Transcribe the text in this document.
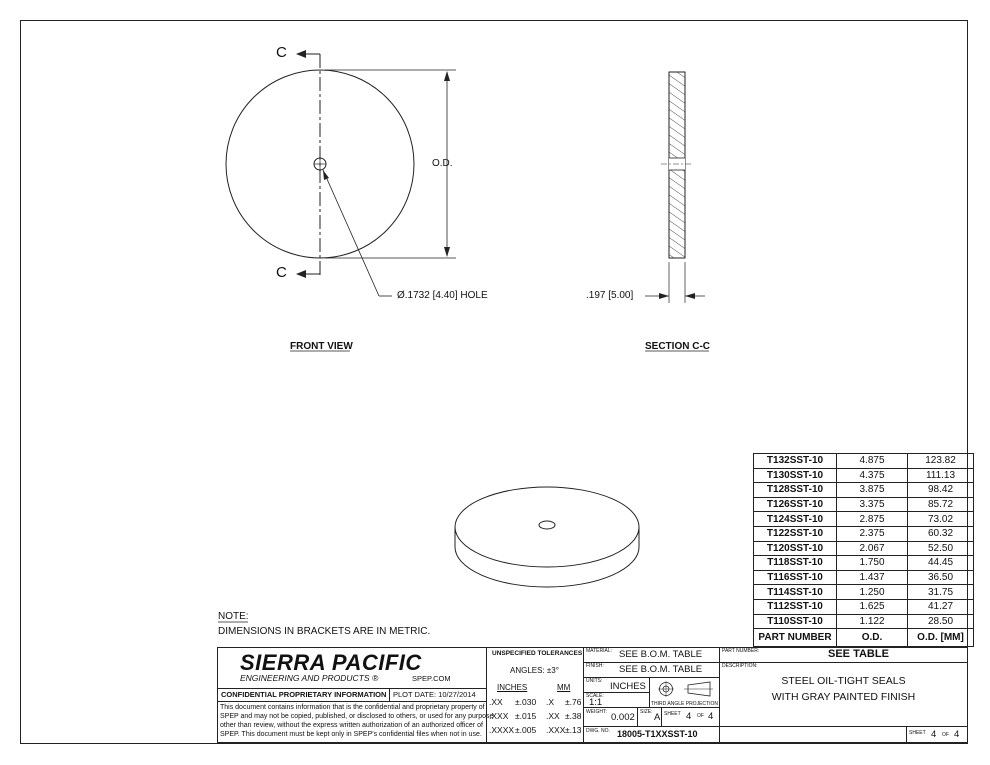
C
C
O.D.
Ø.1732 [4.40] HOLE	.197 [5.00]
FRONT VIEW	SECTION C-C
NOTE:
DIMENSIONS IN BRACKETS ARE IN METRIC.
T132SST-10	4.875	123.82
T130SST-10	4.375	111.13
T128SST-10	3.875	98.42
T126SST-10	3.375	85.72
T124SST-10	2.875	73.02
T122SST-10	2.375	60.32
T120SST-10	2.067	52.50
T118SST-10	1.750	44.45
T116SST-10	1.437	36.50
T114SST-10	1.250	31.75
T112SST-10	1.625	41.27
T110SST-10	1.122	28.50
PART NUMBER	O.D.	O.D. [MM]
SIERRA PACIFIC
ENGINEERING AND PRODUCTS ®	SPEP.COM
CONFIDENTIAL PROPRIETARY INFORMATION PLOT DATE: 10/27/2014
This document contains information that is the confidential and proprietary property of
SPEP and may not be copied, published, or disclosed to others, or used for any purpose
other than review, without the express written authorization of an authorized officer of
SPEP. This document must be kept only in SPEP's confidential files when not in use.
UNSPECIFIED TOLERANCES
ANGLES: ±3°
INCHES	MM
.XX ±.030 .X ±.76
.XXX ±.015 .XX ±.38
.XXXX ±.005 .XXX ±.13
MATERIAL: SEE B.O.M. TABLE
FINISH: SEE B.O.M. TABLE
UNITS: INCHES
SCALE:
1:1	THIRD ANGLE PROJECTION
WEIGHT: 0.002 SIZE: A SHEET 4 OF 4
DWG. NO. 18005-T1XXSST-10
PART NUMBER:	SEE TABLE
DESCRIPTION:
STEEL OIL-TIGHT SEALS
WITH GRAY PAINTED FINISH
SHEET 4 OF 4
